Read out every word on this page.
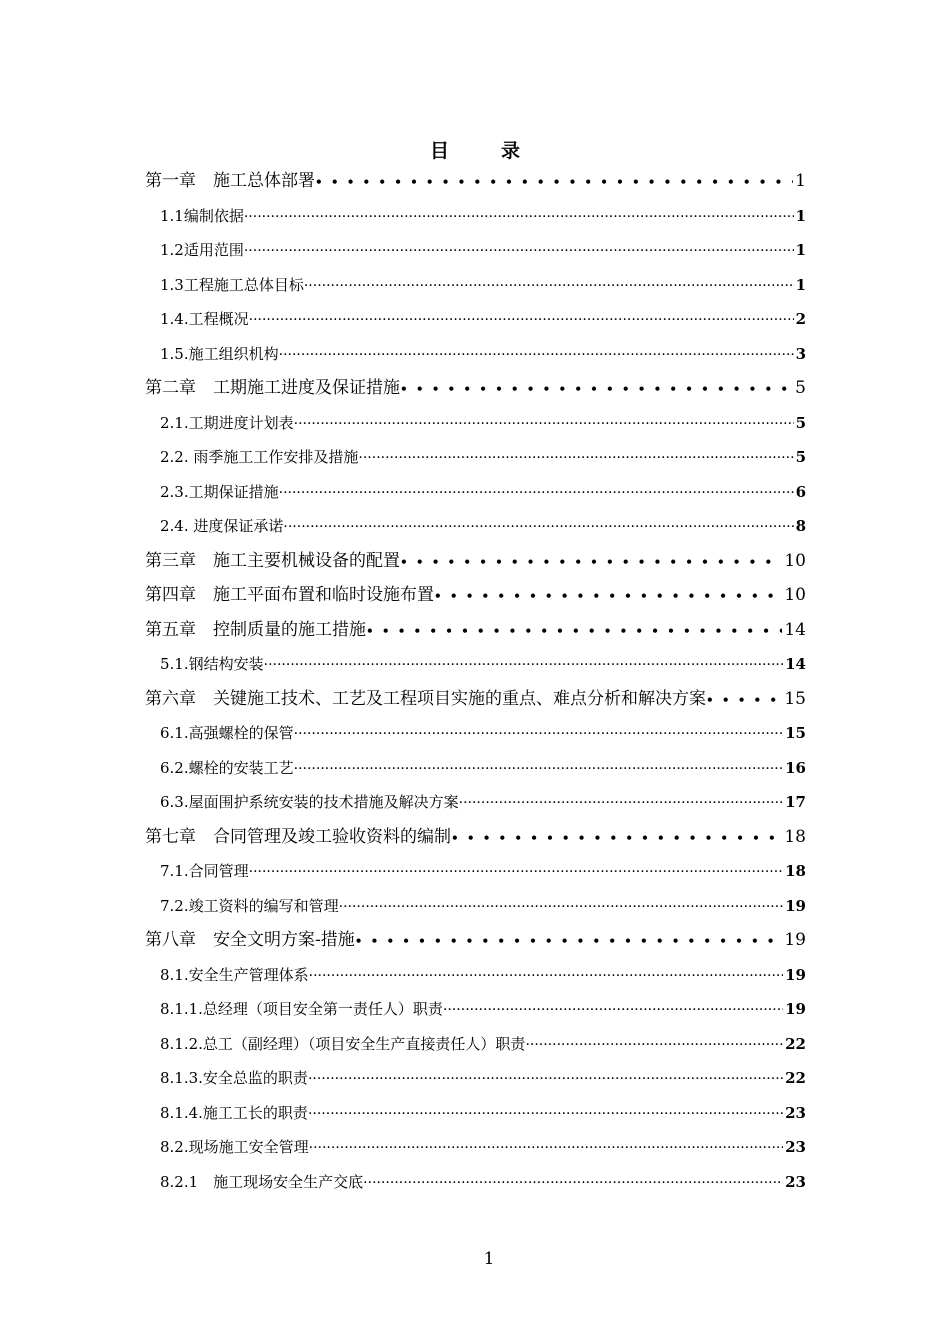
目	录
第一章　施工总体部署 • • •	1
1.1编制依据 ·····	1
1.2适用范围 ·····	1
1.3工程施工总体目标 ·····	1
1.4.工程概况 ·····	2
1.5.施工组织机构 ·····	3
第二章　工期施工进度及保证措施 • • •	5
2.1.工期进度计划表 ·····	5
2.2. 雨季施工工作安排及措施 ·····	5
2.3.工期保证措施 ·····	6
2.4. 进度保证承诺 ·····	8
第三章　施工主要机械设备的配置 • • •	10
第四章　施工平面布置和临时设施布置 • • •	10
第五章　控制质量的施工措施 • • •	14
5.1.钢结构安装 ·····	14
第六章　关键施工技术、工艺及工程项目实施的重点、难点分析和解决方案 • • •	15
6.1.高强螺栓的保管 ·····	15
6.2.螺栓的安装工艺 ·····	16
6.3.屋面围护系统安装的技术措施及解决方案 ·····	17
第七章　合同管理及竣工验收资料的编制 • • •	18
7.1.合同管理 ·····	18
7.2.竣工资料的编写和管理 ·····	19
第八章　安全文明方案-措施 • • •	19
8.1.安全生产管理体系 ·····	19
8.1.1.总经理（项目安全第一责任人）职责 ·····	19
8.1.2.总工（副经理）（项目安全生产直接责任人）职责 ·····	22
8.1.3.安全总监的职责 ·····	22
8.1.4.施工工长的职责 ·····	23
8.2.现场施工安全管理 ·····	23
8.2.1　施工现场安全生产交底 ·····	23
1
